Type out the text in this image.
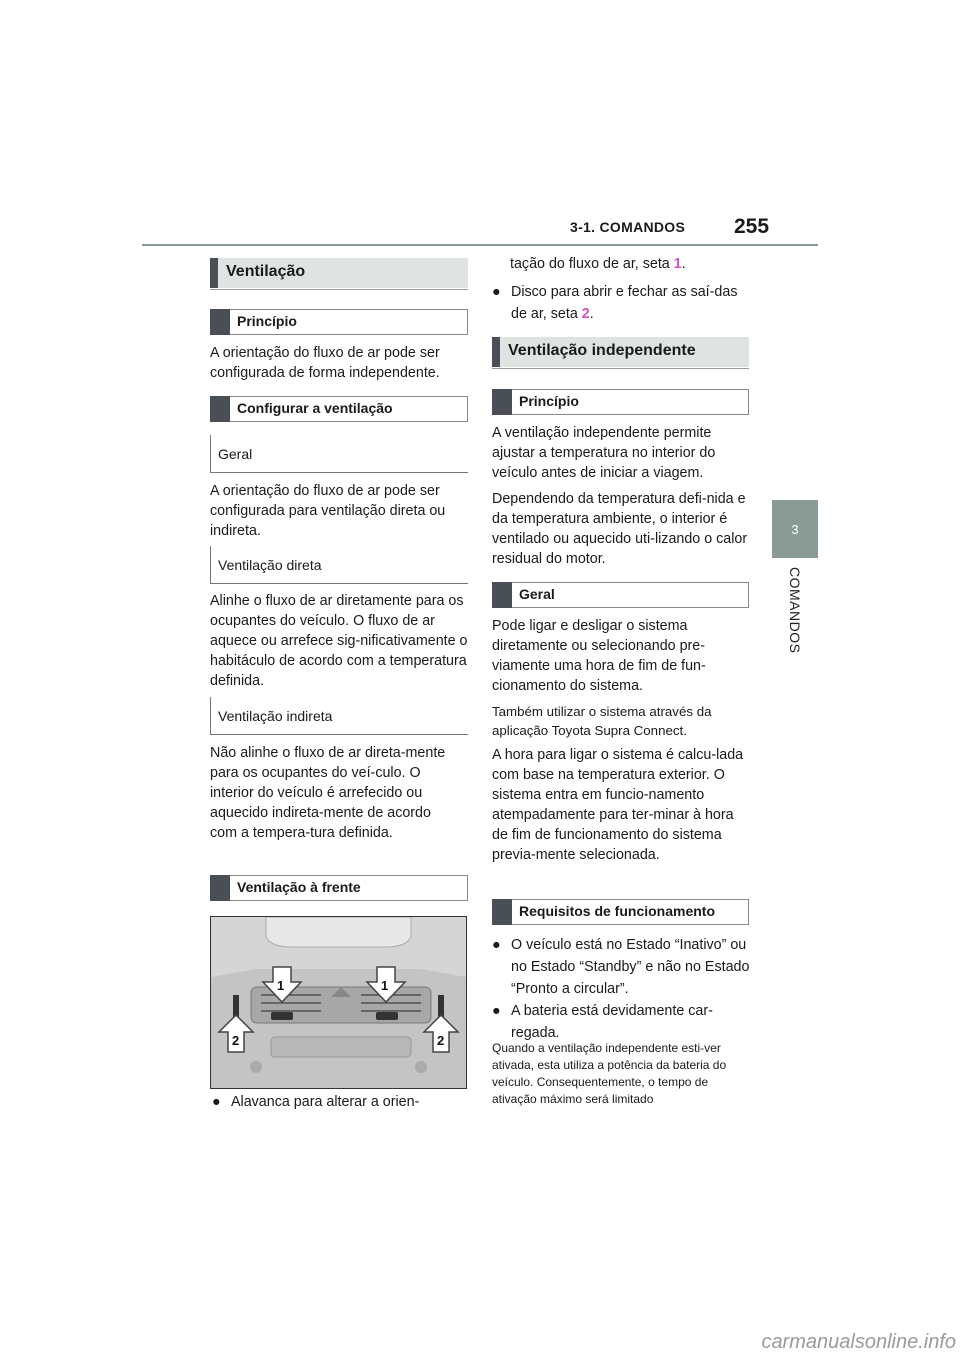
3-1. COMANDOS 255
3
COMANDOS
Ventilação
Princípio

A orientação do fluxo de ar pode ser configurada de forma independente.

Configurar a ventilação
Geral

A orientação do fluxo de ar pode ser configurada para ventilação direta ou indireta.

Ventilação direta

Alinhe o fluxo de ar diretamente para os ocupantes do veículo. O fluxo de ar aquece ou arrefece sig-nificativamente o habitáculo de acordo com a temperatura definida.

Ventilação indireta

Não alinhe o fluxo de ar direta-mente para os ocupantes do veí-culo. O interior do veículo é arrefecido ou aquecido indireta-mente de acordo com a tempera-tura definida.

Ventilação à frente
1	1
2	2
● Alavanca para alterar a orien-
tação do fluxo de ar, seta 1.
● Disco para abrir e fechar as saí-das de ar, seta 2.
Ventilação independente
Princípio

A ventilação independente permite ajustar a temperatura no interior do veículo antes de iniciar a viagem.

Dependendo da temperatura defi-nida e da temperatura ambiente, o interior é ventilado ou aquecido uti-lizando o calor residual do motor.

Geral

Pode ligar e desligar o sistema diretamente ou selecionando pre-viamente uma hora de fim de fun-cionamento do sistema.

Também utilizar o sistema através da aplicação Toyota Supra Connect.

A hora para ligar o sistema é calcu-lada com base na temperatura exterior. O sistema entra em funcio-namento atempadamente para ter-minar à hora de fim de funcionamento do sistema previa-mente selecionada.

Requisitos de funcionamento
● O veículo está no Estado “Inativo” ou no Estado “Standby” e não no Estado “Pronto a circular”.
● A bateria está devidamente car-regada.

Quando a ventilação independente esti-ver ativada, esta utiliza a potência da bateria do veículo. Consequentemente, o tempo de ativação máximo será limitado

carmanualsonline.info
